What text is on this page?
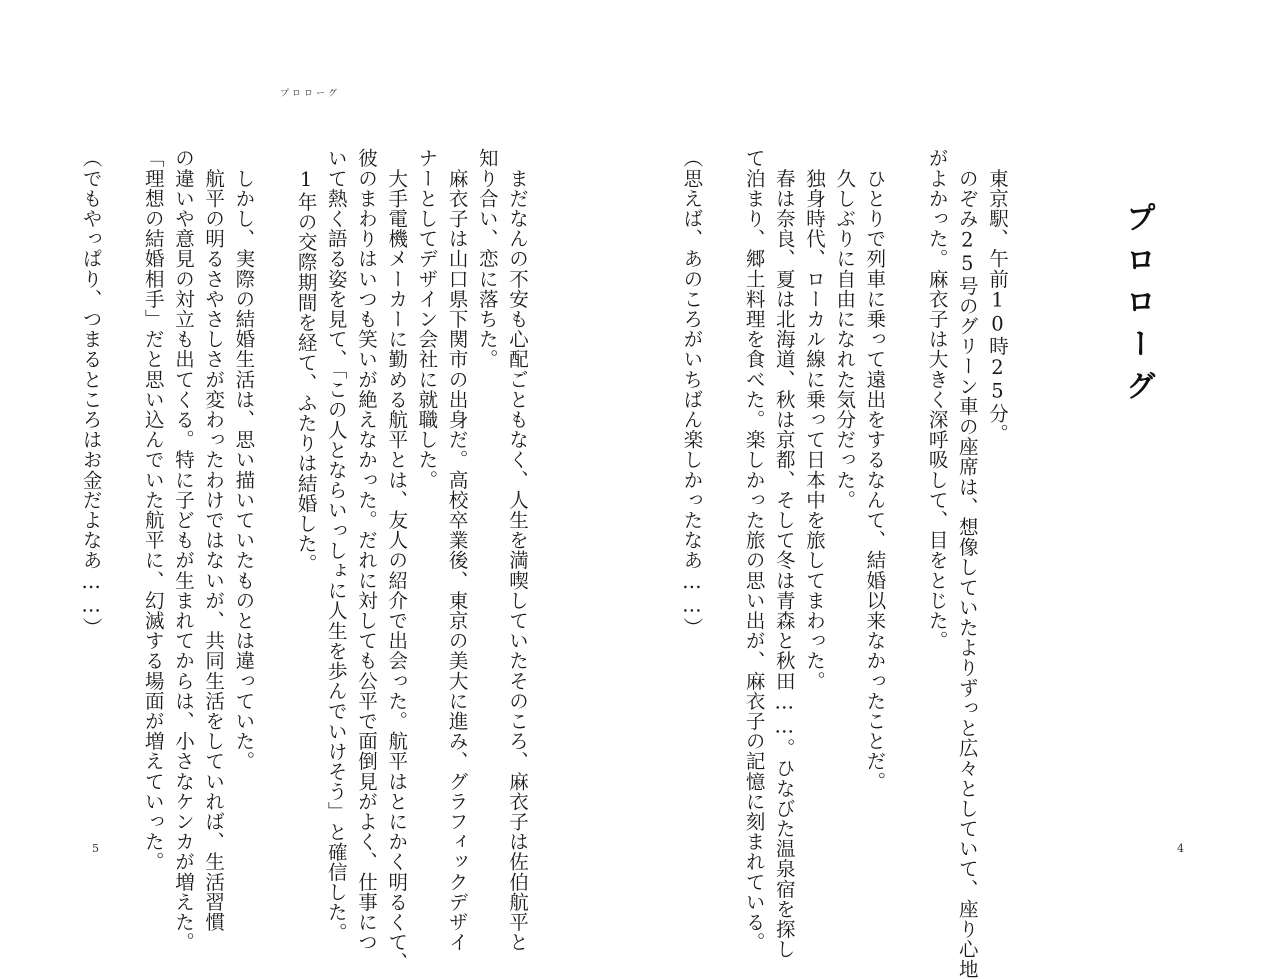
プロローグ
　まだなんの不安も心配ごともなく、人生を満喫していたそのころ、麻衣子は佐伯航平と
知り合い、恋に落ちた。
　麻衣子は山口県下関市の出身だ。高校卒業後、東京の美大に進み、グラフィックデザイ
ナーとしてデザイン会社に就職した。
　大手電機メーカーに勤める航平とは、友人の紹介で出会った。航平はとにかく明るくて、
彼のまわりはいつも笑いが絶えなかった。だれに対しても公平で面倒見がよく、仕事につ
いて熱く語る姿を見て、「この人とならいっしょに人生を歩んでいけそう」と確信した。
　1年の交際期間を経て、ふたりは結婚した。
　しかし、実際の結婚生活は、思い描いていたものとは違っていた。
　航平の明るさやさしさが変わったわけではないが、共同生活をしていれば、生活習慣
の違いや意見の対立も出てくる。特に子どもが生まれてからは、小さなケンカが増えた。
「理想の結婚相手」だと思い込んでいた航平に、幻滅する場面が増えていった。
（でもやっぱり、つまるところはお金だよなあ……）
5
プロローグ
　東京駅、午前10時25分。
　のぞみ25号のグリーン車の座席は、想像していたよりずっと広々としていて、座り心地
がよかった。麻衣子は大きく深呼吸して、目をとじた。
　ひとりで列車に乗って遠出をするなんて、結婚以来なかったことだ。
　久しぶりに自由になれた気分だった。
　独身時代、ローカル線に乗って日本中を旅してまわった。
　春は奈良、夏は北海道、秋は京都、そして冬は青森と秋田……。ひなびた温泉宿を探し
て泊まり、郷土料理を食べた。楽しかった旅の思い出が、麻衣子の記憶に刻まれている。
（思えば、あのころがいちばん楽しかったなあ……）
4
